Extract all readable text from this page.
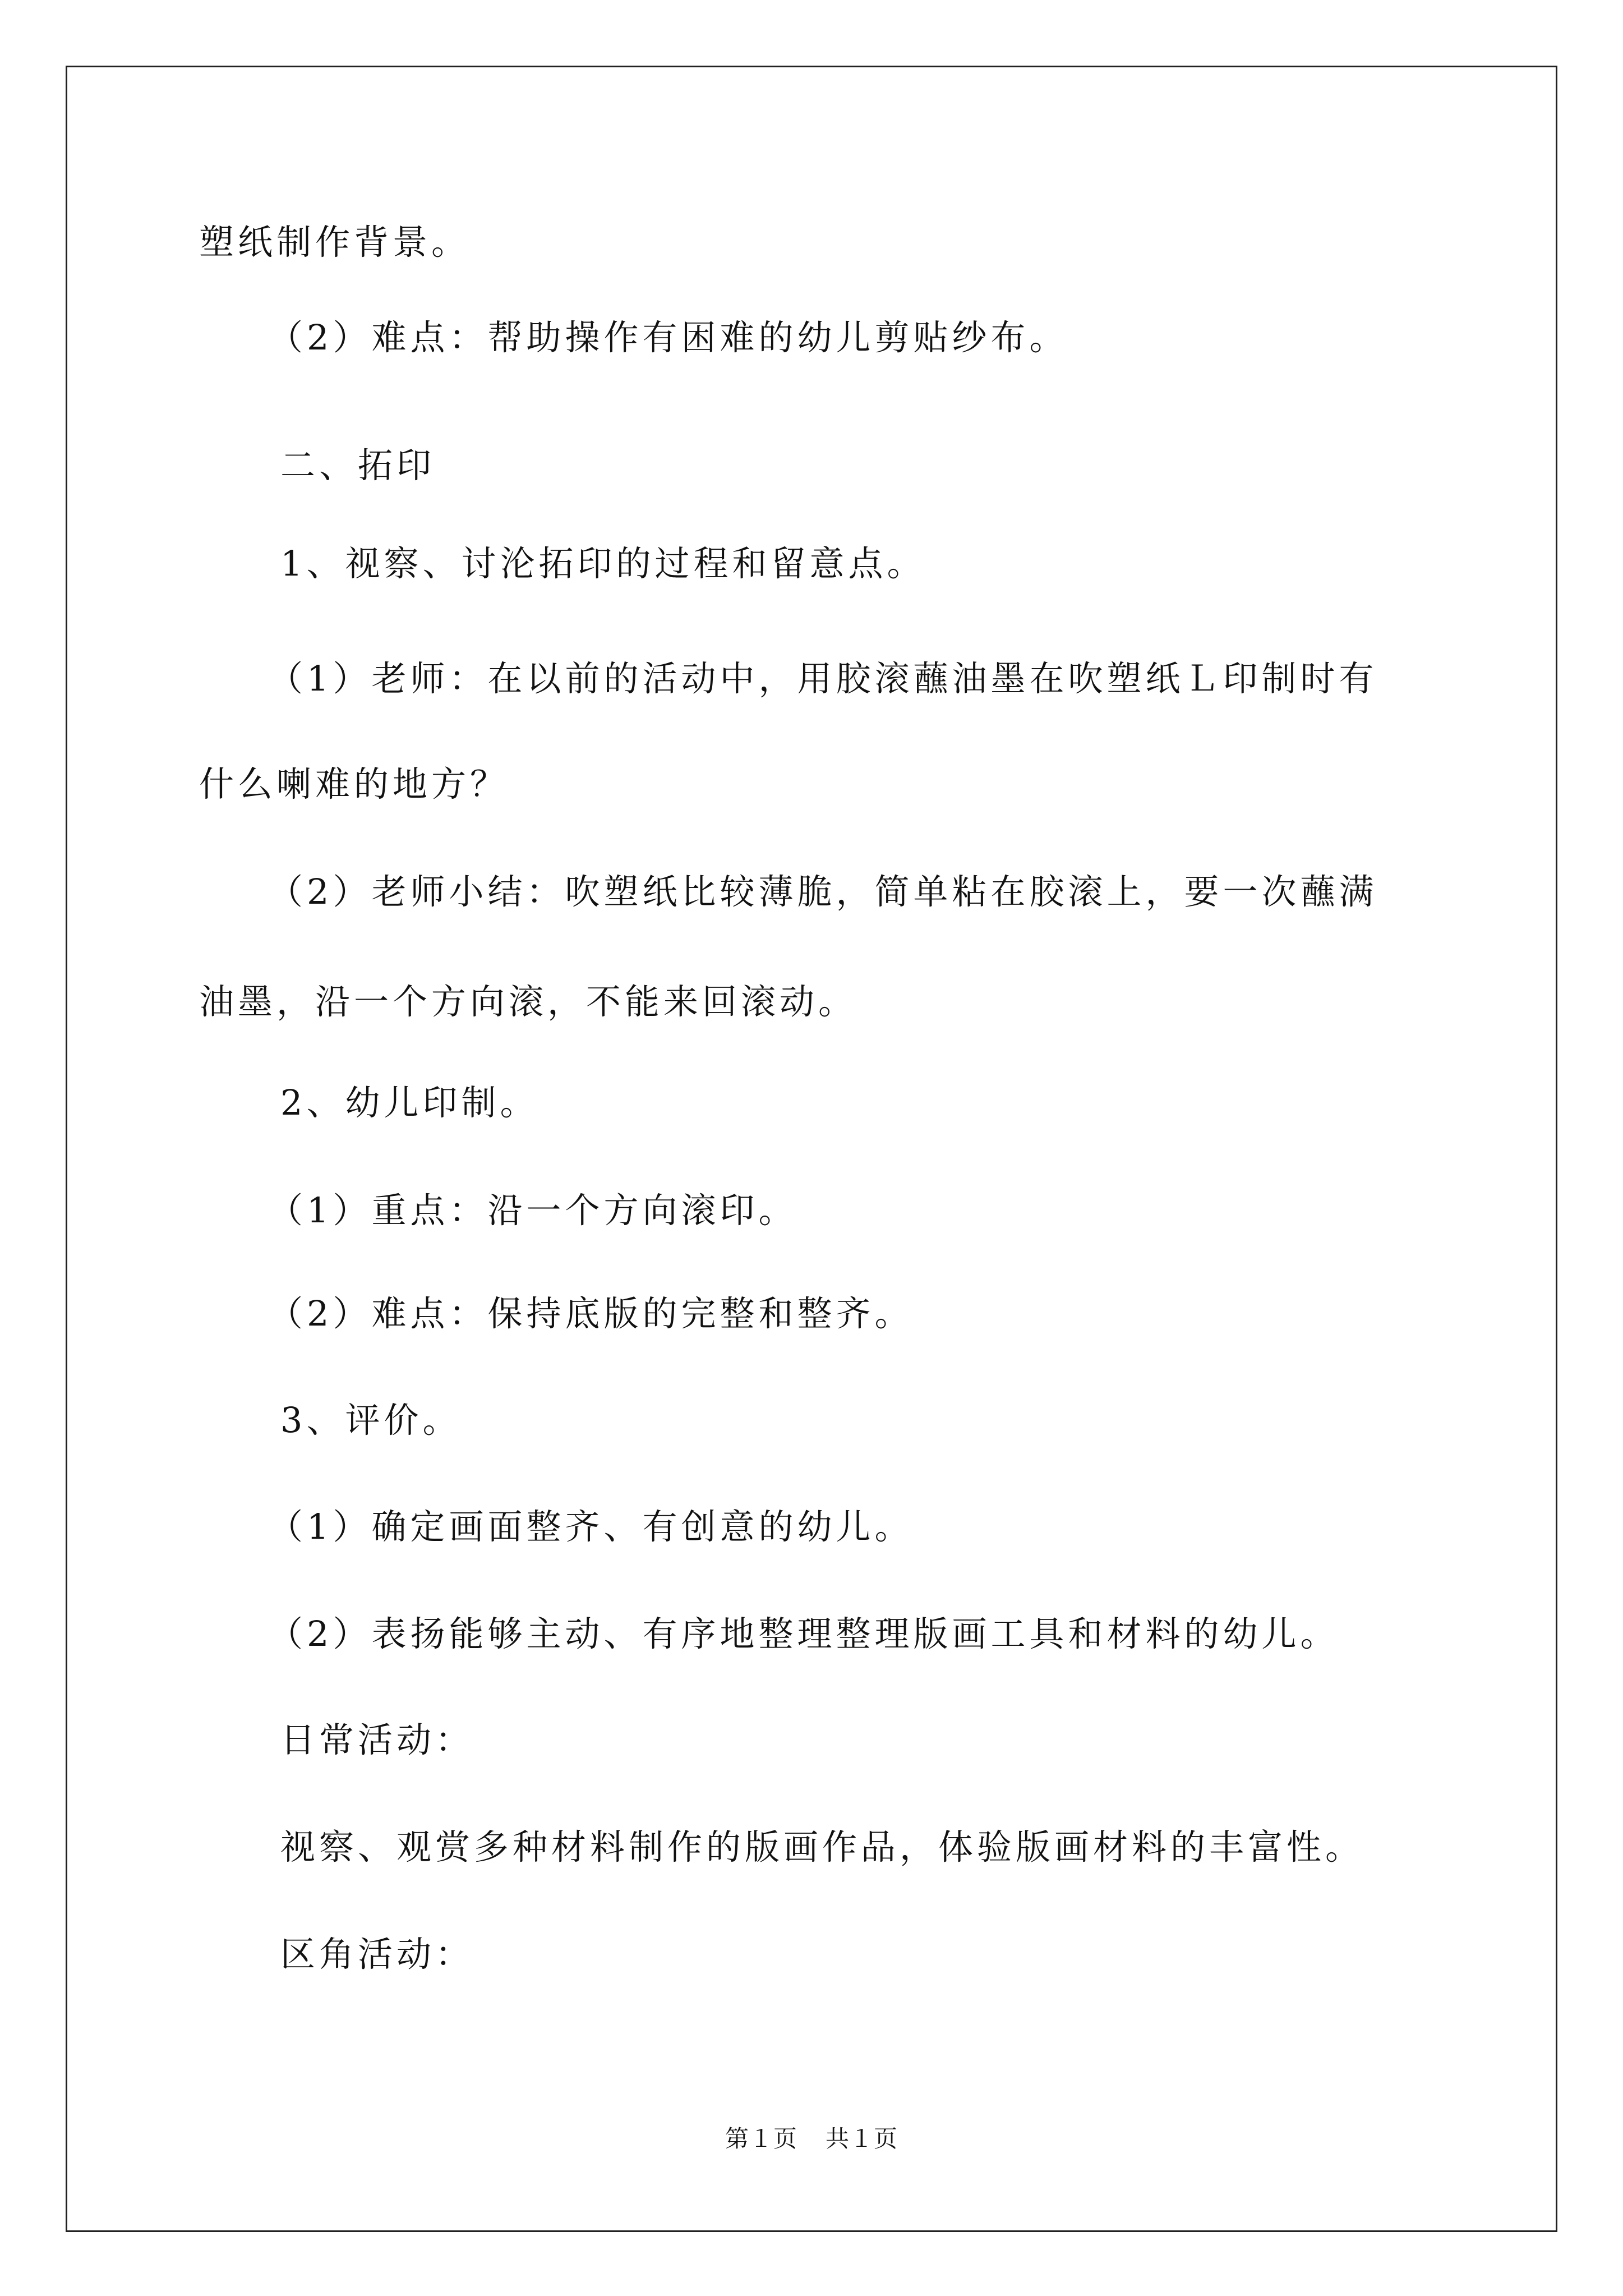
塑纸制作背景。
（2）难点：帮助操作有困难的幼儿剪贴纱布。
二、拓印
1、视察、讨沦拓印的过程和留意点。
（1）老师：在以前的活动中，用胶滚蘸油墨在吹塑纸Ｌ印制时有
什么喇难的地方？
（2）老师小结：吹塑纸比较薄脆，简单粘在胶滚上，要一次蘸满
油墨，沿一个方向滚，不能来回滚动。
2、幼儿印制。
（1）重点：沿一个方向滚印。
（2）难点：保持底版的完整和整齐。
3、评价。
（1）确定画面整齐、有创意的幼儿。
（2）表扬能够主动、有序地整理整理版画工具和材料的幼儿。
日常活动：
视察、观赏多种材料制作的版画作品，体验版画材料的丰富性。
区角活动：
第１页 共１页
